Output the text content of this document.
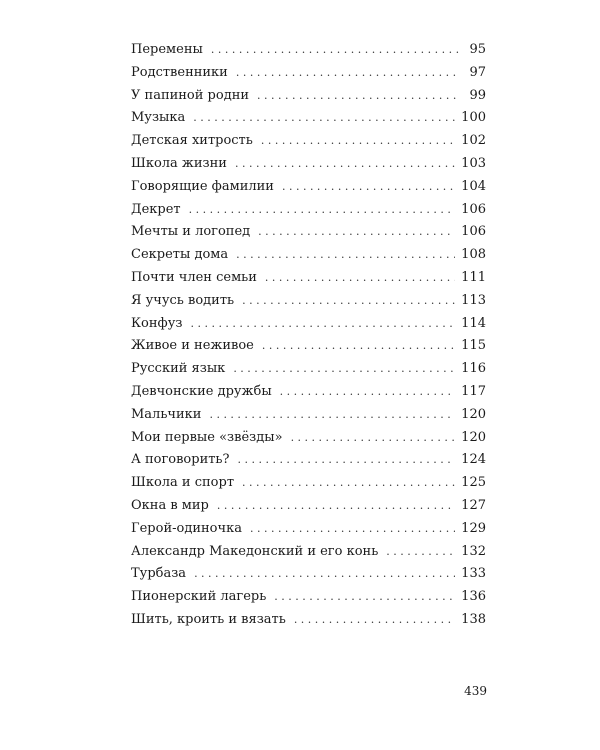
Перемены . . .	95
Родственники . . .	97
У папиной родни . . .	99
Музыка . . .	100
Детская хитрость . . .	102
Школа жизни . . .	103
Говорящие фамилии . . .	104
Декрет . . .	106
Мечты и логопед . . .	106
Секреты дома . . .	108
Почти член семьи . . .	111
Я учусь водить . . .	113
Конфуз . . .	114
Живое и неживое . . .	115
Русский язык . . .	116
Девчонские дружбы . . .	117
Мальчики . . .	120
Мои первые «звёзды» . . .	120
А поговорить? . . .	124
Школа и спорт . . .	125
Окна в мир . . .	127
Герой-одиночка . . .	129
Александр Македонский и его конь . . .	132
Турбаза . . .	133
Пионерский лагерь . . .	136
Шить, кроить и вязать . . .	138
439
